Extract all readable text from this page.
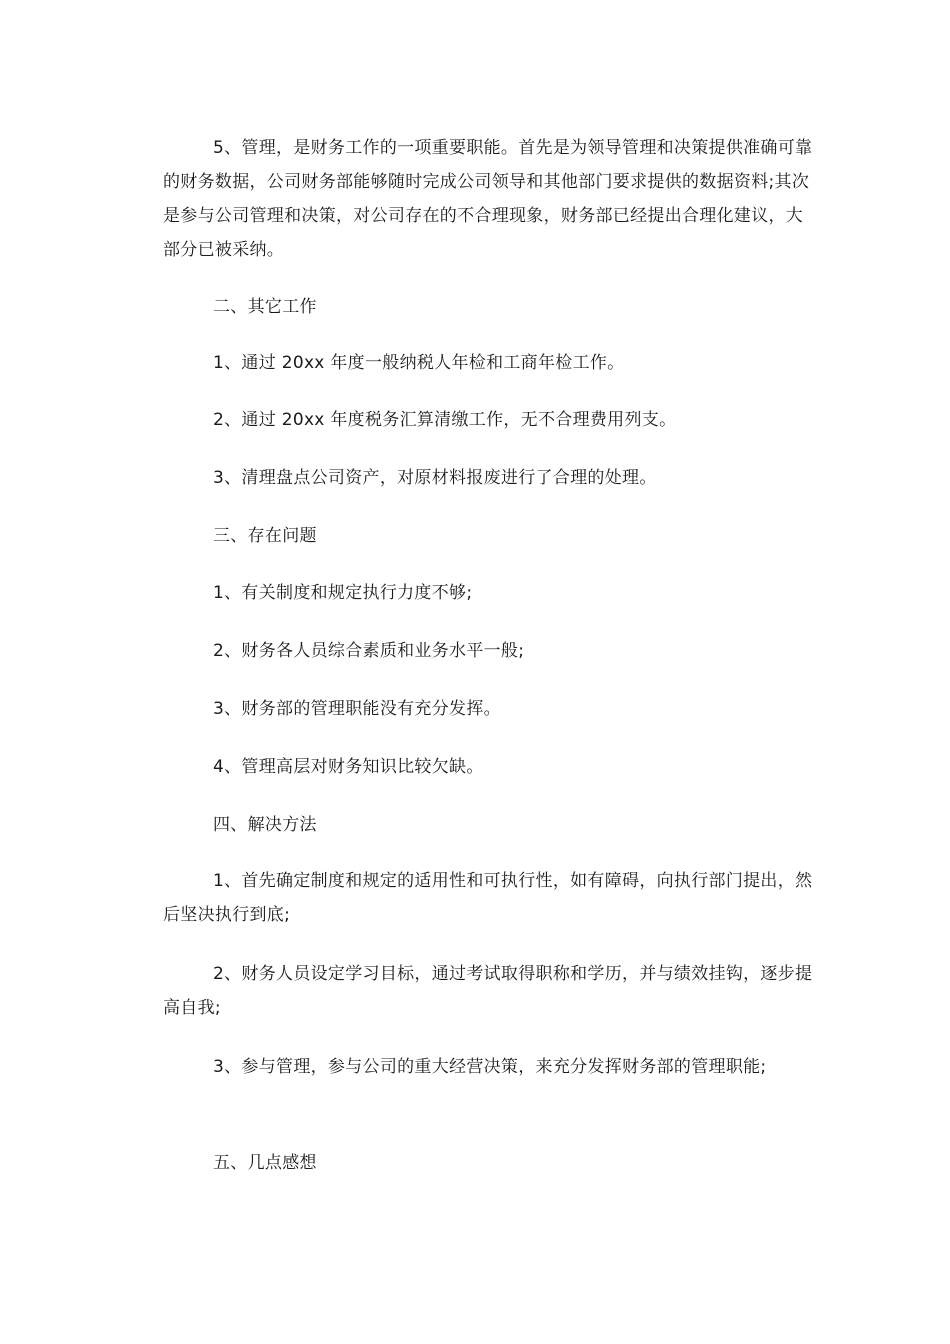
5、管理，是财务工作的一项重要职能。首先是为领导管理和决策提供准确可靠的财务数据，公司财务部能够随时完成公司领导和其他部门要求提供的数据资料;其次是参与公司管理和决策，对公司存在的不合理现象，财务部已经提出合理化建议，大部分已被采纳。

二、其它工作

1、通过 20xx 年度一般纳税人年检和工商年检工作。

2、通过 20xx 年度税务汇算清缴工作，无不合理费用列支。

3、清理盘点公司资产，对原材料报废进行了合理的处理。

三、存在问题

1、有关制度和规定执行力度不够;

2、财务各人员综合素质和业务水平一般;

3、财务部的管理职能没有充分发挥。

4、管理高层对财务知识比较欠缺。

四、解决方法

1、首先确定制度和规定的适用性和可执行性，如有障碍，向执行部门提出，然后坚决执行到底;

2、财务人员设定学习目标，通过考试取得职称和学历，并与绩效挂钩，逐步提高自我;

3、参与管理，参与公司的重大经营决策，来充分发挥财务部的管理职能;

五、几点感想
